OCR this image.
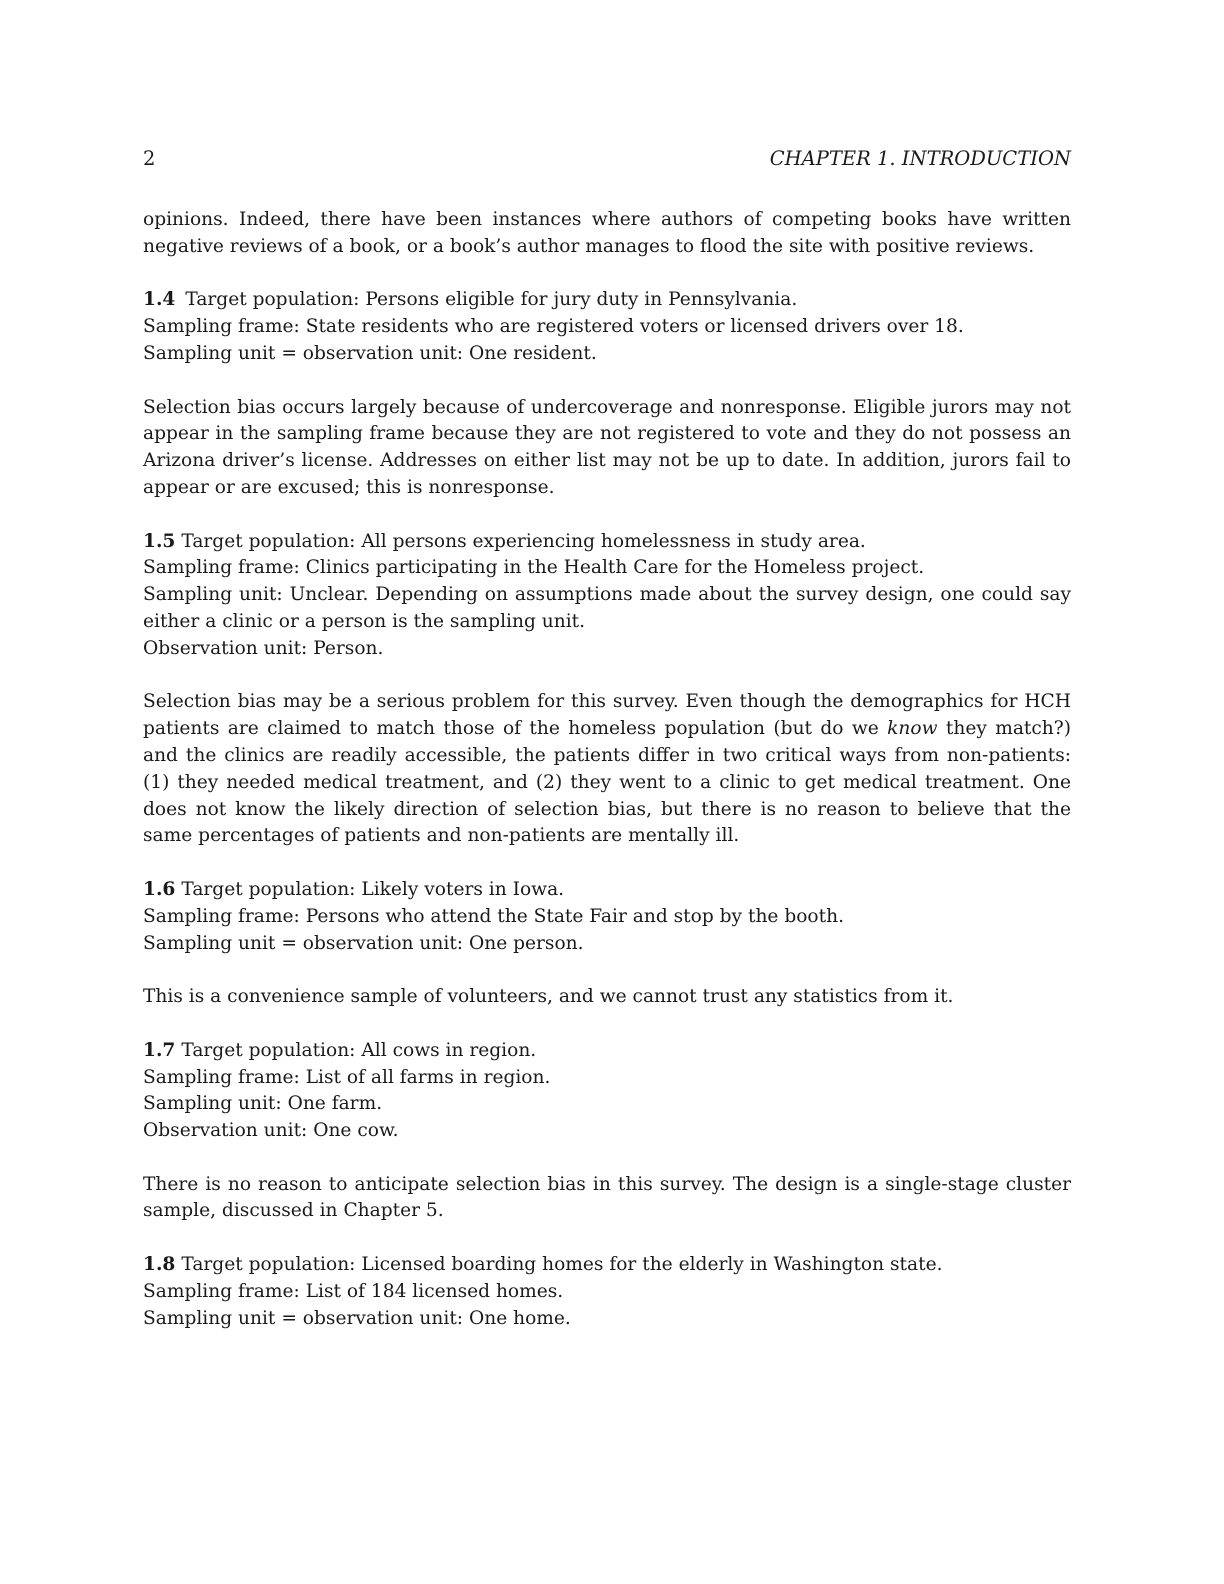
2	CHAPTER 1. INTRODUCTION

opinions. Indeed, there have been instances where authors of competing books have written negative reviews of a book, or a book’s author manages to flood the site with positive reviews.

1.4 Target population: Persons eligible for jury duty in Pennsylvania.
Sampling frame: State residents who are registered voters or licensed drivers over 18.
Sampling unit = observation unit: One resident.

Selection bias occurs largely because of undercoverage and nonresponse. Eligible jurors may not appear in the sampling frame because they are not registered to vote and they do not possess an Arizona driver’s license. Addresses on either list may not be up to date. In addition, jurors fail to appear or are excused; this is nonresponse.

1.5 Target population: All persons experiencing homelessness in study area.
Sampling frame: Clinics participating in the Health Care for the Homeless project.
Sampling unit: Unclear. Depending on assumptions made about the survey design, one could say either a clinic or a person is the sampling unit.
Observation unit: Person.

Selection bias may be a serious problem for this survey. Even though the demographics for HCH patients are claimed to match those of the homeless population (but do we know they match?) and the clinics are readily accessible, the patients differ in two critical ways from non-patients: (1) they needed medical treatment, and (2) they went to a clinic to get medical treatment. One does not know the likely direction of selection bias, but there is no reason to believe that the same percentages of patients and non-patients are mentally ill.

1.6 Target population: Likely voters in Iowa.
Sampling frame: Persons who attend the State Fair and stop by the booth.
Sampling unit = observation unit: One person.

This is a convenience sample of volunteers, and we cannot trust any statistics from it.

1.7 Target population: All cows in region.
Sampling frame: List of all farms in region.
Sampling unit: One farm.
Observation unit: One cow.

There is no reason to anticipate selection bias in this survey. The design is a single-stage cluster sample, discussed in Chapter 5.

1.8 Target population: Licensed boarding homes for the elderly in Washington state.
Sampling frame: List of 184 licensed homes.
Sampling unit = observation unit: One home.
